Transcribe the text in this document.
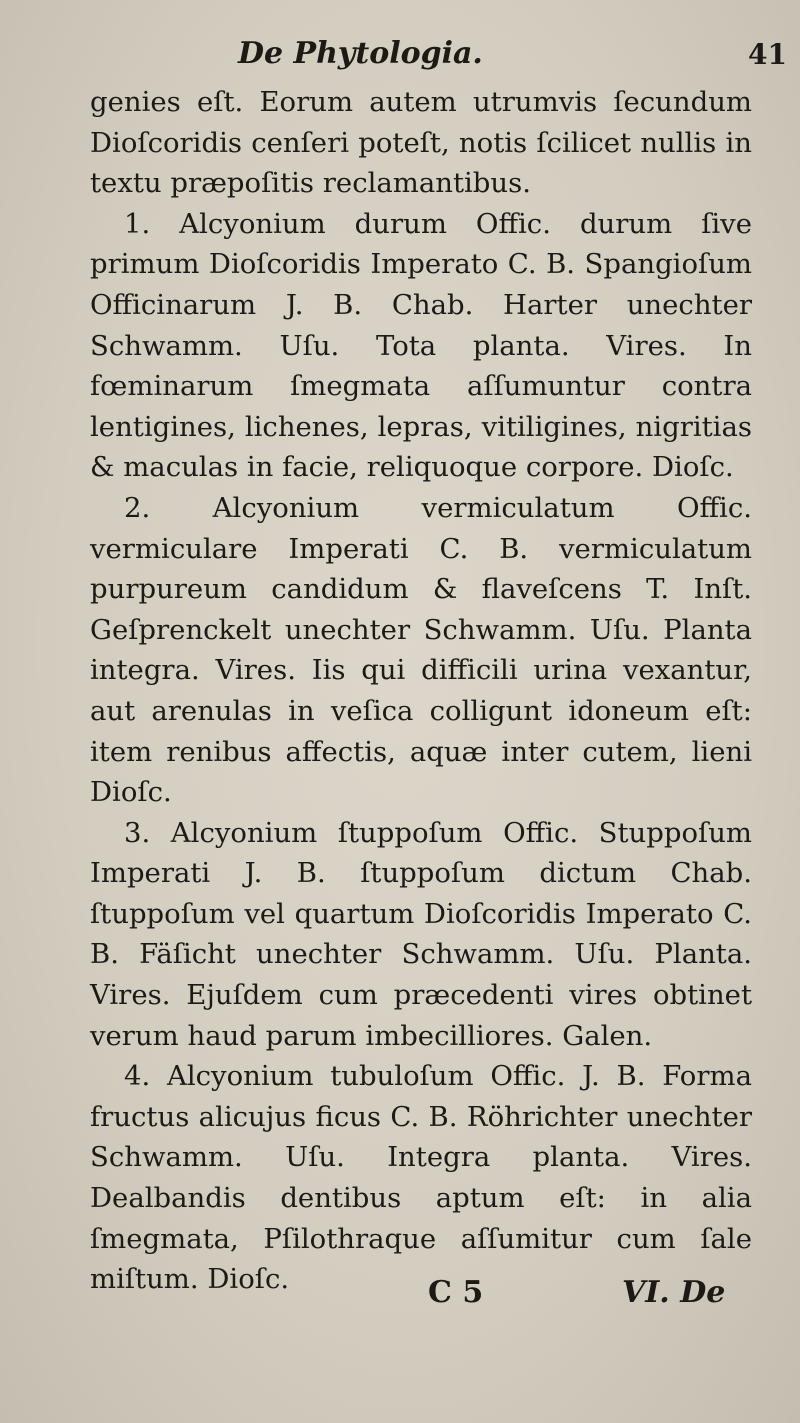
De Phytologia.	41

genies eſt. Eorum autem utrumvis ſecundum Dioſcoridis cenſeri poteſt, notis ſcilicet nullis in textu præpoſitis reclamantibus.

1. Alcyonium durum Offic. durum ſive primum Dioſcoridis Imperato C. B. Spangioſum Officinarum J. B. Chab. Harter unechter Schwamm. Uſu. Tota planta. Vires. In fœminarum ſmegmata aſſumuntur contra lentigines, lichenes, lepras, vitiligines, nigritias & maculas in facie, reliquoque corpore. Dioſc.

2. Alcyonium vermiculatum Offic. vermiculare Imperati C. B. vermiculatum purpureum candidum & flaveſcens T. Inſt. Geſprenckelt unechter Schwamm. Uſu. Planta integra. Vires. Iis qui difficili urina vexantur, aut arenulas in veſica colligunt idoneum eſt: item renibus affectis, aquæ inter cutem, lieni Dioſc.

3. Alcyonium ſtuppoſum Offic. Stuppoſum Imperati J. B. ſtuppoſum dictum Chab. ſtuppoſum vel quartum Dioſcoridis Imperato C. B. Fäſicht unechter Schwamm. Uſu. Planta. Vires. Ejuſdem cum præcedenti vires obtinet verum haud parum imbecilliores. Galen.

4. Alcyonium tubuloſum Offic. J. B. Forma fructus alicujus ficus C. B. Röhrichter unechter Schwamm. Uſu. Integra planta. Vires. Dealbandis dentibus aptum eſt: in alia ſmegmata, Pſilothraque aſſumitur cum ſale miſtum. Dioſc.	C 5	VI. De
